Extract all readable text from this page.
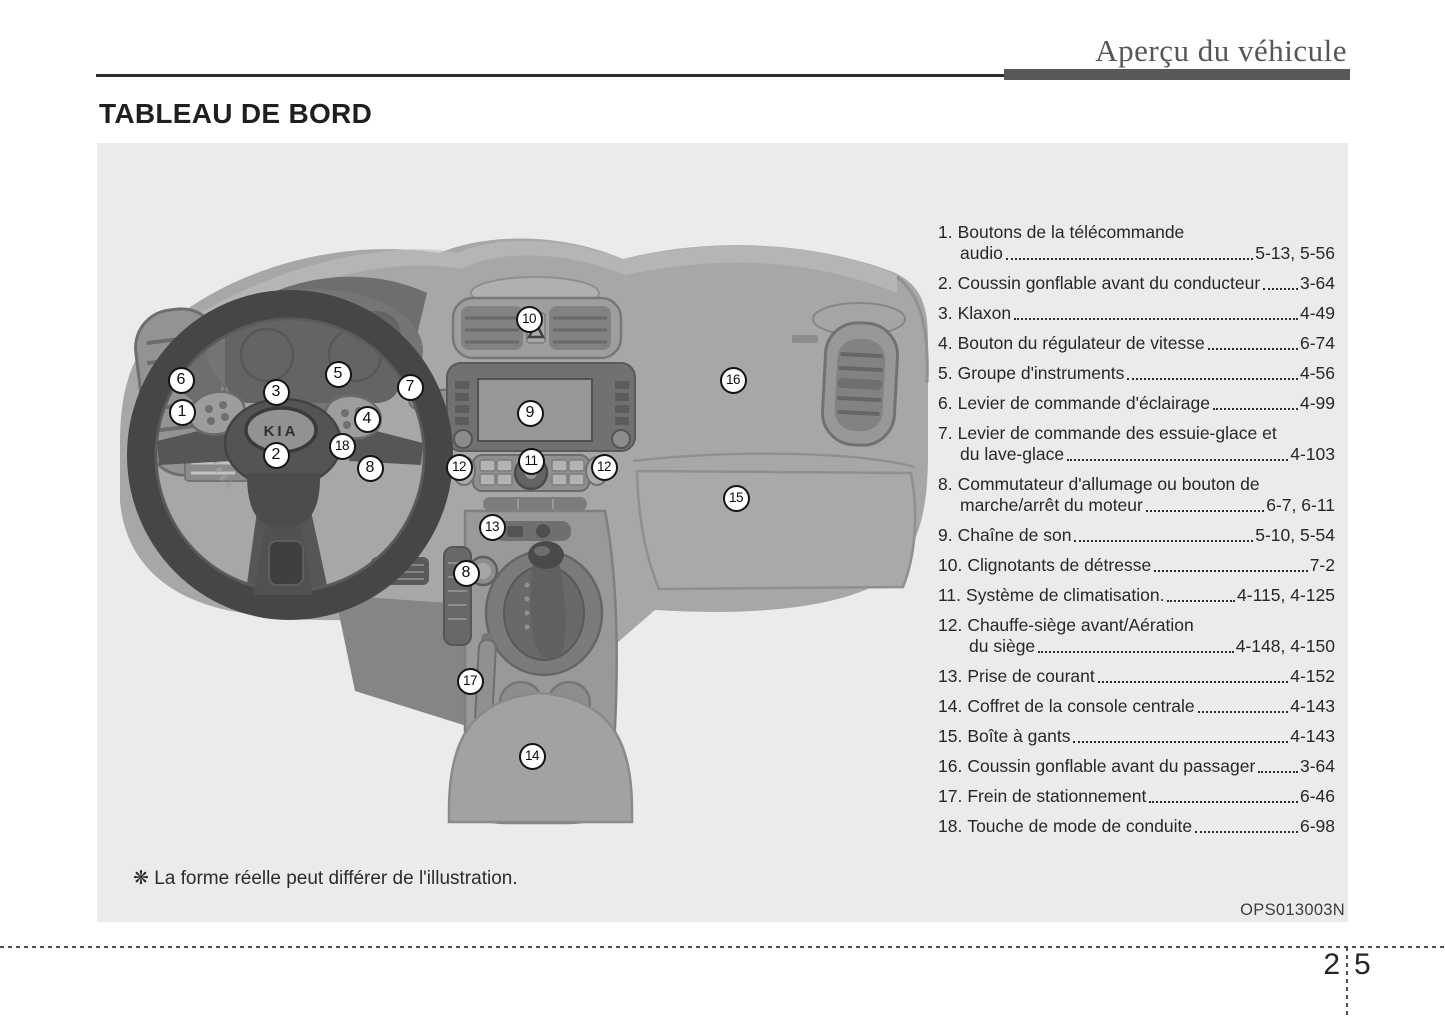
Aperçu du véhicule
TABLEAU DE BORD
KIA
1
2
3
4
5
6	7
8
8
9
10
11
12	12
13
14
15
16
17
18
1. Boutons de la télécommande
audio	5-13, 5-56
2. Coussin gonflable avant du conducteur 3-64
3. Klaxon	4-49
4. Bouton du régulateur de vitesse	6-74
5. Groupe d'instruments	4-56
6. Levier de commande d'éclairage	4-99
7. Levier de commande des essuie-glace et
du lave-glace	4-103
8. Commutateur d'allumage ou bouton de
marche/arrêt du moteur	6-7, 6-11
9. Chaîne de son	5-10, 5-54
10. Clignotants de détresse	7-2
11. Système de climatisation.	4-115, 4-125
12. Chauffe-siège avant/Aération
du siège	4-148, 4-150
13. Prise de courant	4-152
14. Coffret de la console centrale	4-143
15. Boîte à gants	4-143
16. Coussin gonflable avant du passager	3-64
17. Frein de stationnement	6-46
18. Touche de mode de conduite	6-98
❋ La forme réelle peut différer de l'illustration.
OPS013003N
2 5
